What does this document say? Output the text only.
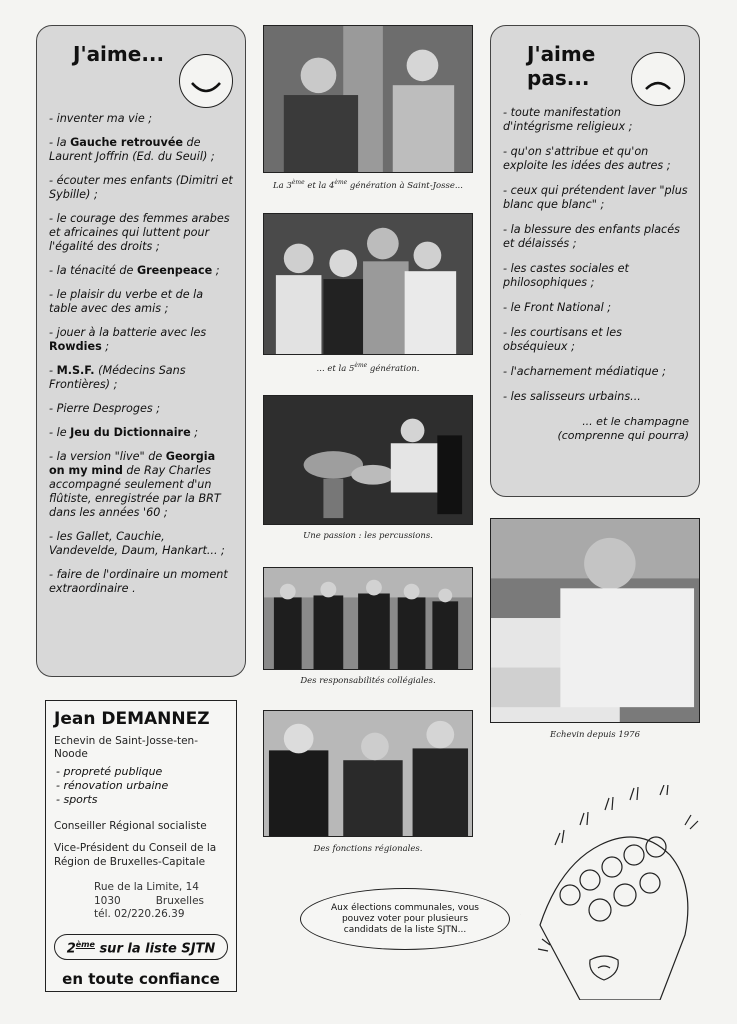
J'aime...
- inventer ma vie ;
- la Gauche retrouvée de Laurent Joffrin (Ed. du Seuil) ;
- écouter mes enfants (Dimitri et Sybille) ;
- le courage des femmes arabes et africaines qui luttent pour l'égalité des droits ;
- la ténacité de Greenpeace ;
- le plaisir du verbe et de la table avec des amis ;
- jouer à la batterie avec les Rowdies ;
- M.S.F. (Médecins Sans Frontières) ;
- Pierre Desproges ;
- le Jeu du Dictionnaire ;
- la version "live" de Georgia on my mind de Ray Charles accompagné seulement d'un flûtiste, enregistrée par la BRT dans les années '60 ;
- les Gallet, Cauchie, Vandevelde, Daum, Hankart... ;
- faire de l'ordinaire un moment extraordinaire .
J'aime
pas...
- toute manifestation d'intégrisme religieux ;
- qu'on s'attribue et qu'on exploite les idées des autres ;
- ceux qui prétendent laver "plus blanc que blanc" ;
- la blessure des enfants placés et délaissés ;
- les castes sociales et philosophiques ;
- le Front National ;
- les courtisans et les obséquieux ;
- l'acharnement médiatique ;
- les salisseurs urbains...
... et le champagne
(comprenne qui pourra)
La 3ème et la 4ème génération à Saint-Josse...
... et la 5ème génération.
Une passion : les percussions.
Des responsabilités collégiales.
Des fonctions régionales.
Echevin depuis 1976
Jean DEMANNEZ
Echevin de Saint-Josse-ten-Noode
- propreté publique
- rénovation urbaine
- sports
Conseiller Régional socialiste
Vice-Président du Conseil de la
Région de Bruxelles-Capitale
Rue de la Limite, 14
1030	Bruxelles
tél. 02/220.26.39
2ème sur la liste SJTN
en toute confiance
Aux élections communales, vous pouvez voter pour plusieurs candidats de la liste SJTN...
